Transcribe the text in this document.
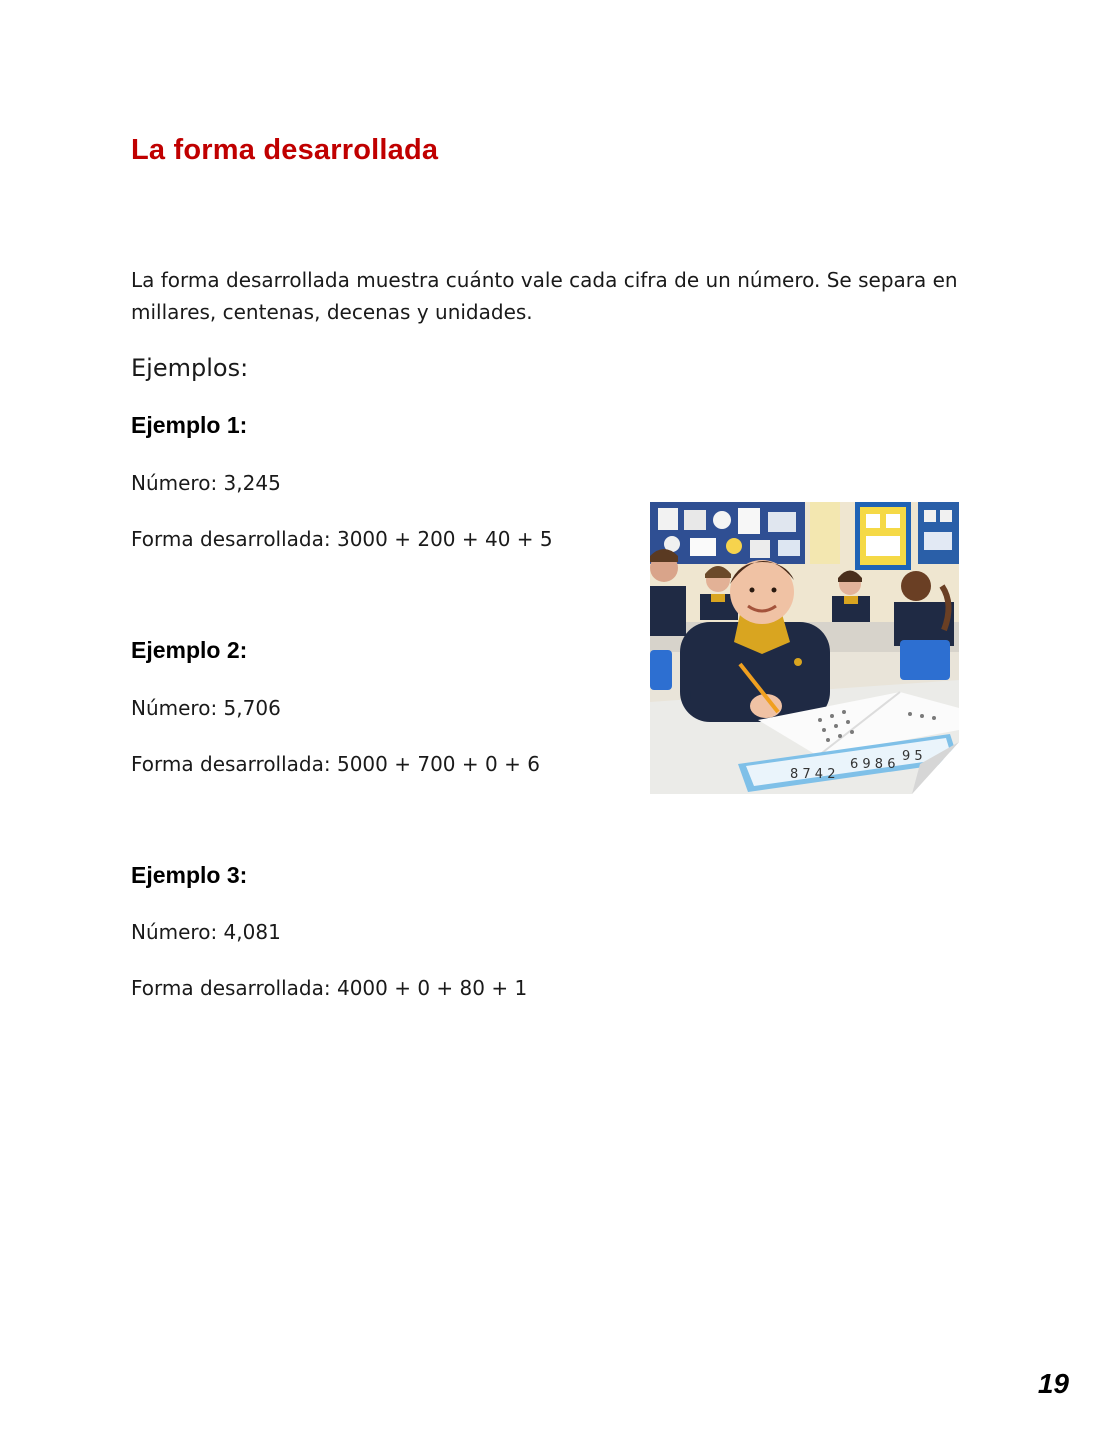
La forma desarrollada

La forma desarrollada muestra cuánto vale cada cifra de un número. Se separa en millares, centenas, decenas y unidades.

Ejemplos:
Ejemplo 1:

Número: 3,245

Forma desarrollada: 3000 + 200 + 40 + 5

Ejemplo 2:

Número: 5,706

Forma desarrollada: 5000 + 700 + 0 + 6

Ejemplo 3:

Número: 4,081

Forma desarrollada: 4000 + 0 + 80 + 1

8 7 4 2
6 9 8 6
9 5
19
